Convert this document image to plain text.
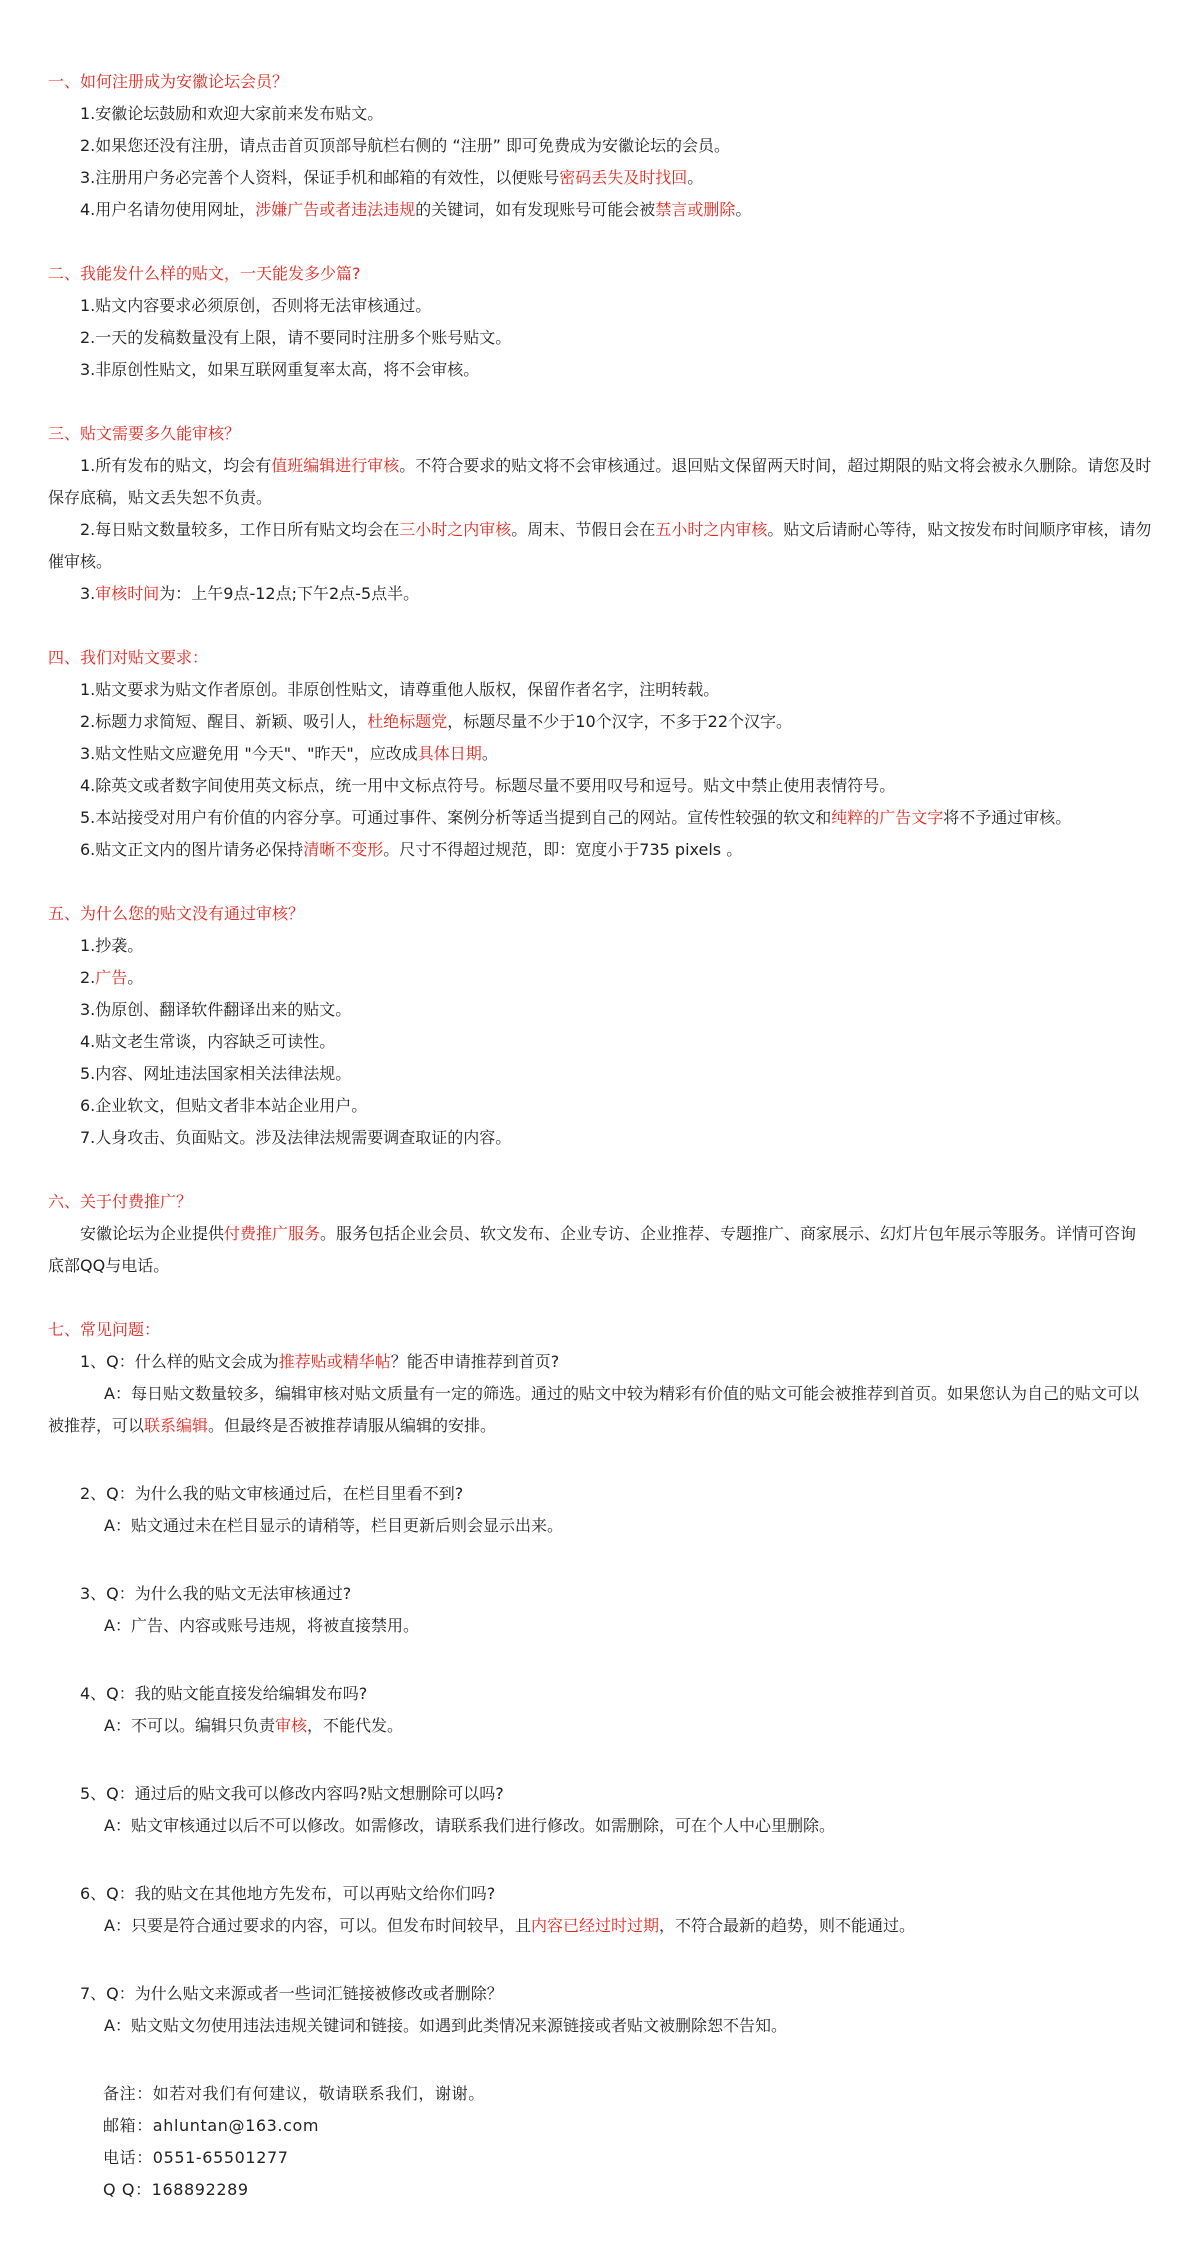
一、如何注册成为安徽论坛会员？

1.安徽论坛鼓励和欢迎大家前来发布贴文。

2.如果您还没有注册，请点击首页顶部导航栏右侧的 “注册” 即可免费成为安徽论坛的会员。

3.注册用户务必完善个人资料，保证手机和邮箱的有效性，以便账号密码丢失及时找回。

4.用户名请勿使用网址，涉嫌广告或者违法违规的关键词，如有发现账号可能会被禁言或删除。

二、我能发什么样的贴文，一天能发多少篇?

1.贴文内容要求必须原创，否则将无法审核通过。

2.一天的发稿数量没有上限，请不要同时注册多个账号贴文。

3.非原创性贴文，如果互联网重复率太高，将不会审核。

三、贴文需要多久能审核？

1.所有发布的贴文，均会有值班编辑进行审核。不符合要求的贴文将不会审核通过。退回贴文保留两天时间，超过期限的贴文将会被永久删除。请您及时保存底稿，贴文丢失恕不负责。

2.每日贴文数量较多，工作日所有贴文均会在三小时之内审核。周末、节假日会在五小时之内审核。贴文后请耐心等待，贴文按发布时间顺序审核，请勿催审核。

3.审核时间为：上午9点-12点;下午2点-5点半。

四、我们对贴文要求：

1.贴文要求为贴文作者原创。非原创性贴文，请尊重他人版权，保留作者名字，注明转载。

2.标题力求简短、醒目、新颖、吸引人，杜绝标题党，标题尽量不少于10个汉字，不多于22个汉字。

3.贴文性贴文应避免用 "今天"、"昨天"，应改成具体日期。

4.除英文或者数字间使用英文标点，统一用中文标点符号。标题尽量不要用叹号和逗号。贴文中禁止使用表情符号。

5.本站接受对用户有价值的内容分享。可通过事件、案例分析等适当提到自己的网站。宣传性较强的软文和纯粹的广告文字将不予通过审核。

6.贴文正文内的图片请务必保持清晰不变形。尺寸不得超过规范，即：宽度小于735 pixels 。

五、为什么您的贴文没有通过审核？

1.抄袭。

2.广告。

3.伪原创、翻译软件翻译出来的贴文。

4.贴文老生常谈，内容缺乏可读性。

5.内容、网址违法国家相关法律法规。

6.企业软文，但贴文者非本站企业用户。

7.人身攻击、负面贴文。涉及法律法规需要调查取证的内容。

六、关于付费推广？

安徽论坛为企业提供付费推广服务。服务包括企业会员、软文发布、企业专访、企业推荐、专题推广、商家展示、幻灯片包年展示等服务。详情可咨询底部QQ与电话。

七、常见问题：

1、Q：什么样的贴文会成为推荐贴或精华帖？能否申请推荐到首页?

A：每日贴文数量较多，编辑审核对贴文质量有一定的筛选。通过的贴文中较为精彩有价值的贴文可能会被推荐到首页。如果您认为自己的贴文可以被推荐，可以联系编辑。但最终是否被推荐请服从编辑的安排。

2、Q：为什么我的贴文审核通过后，在栏目里看不到?

A：贴文通过未在栏目显示的请稍等，栏目更新后则会显示出来。

3、Q：为什么我的贴文无法审核通过?

A：广告、内容或账号违规，将被直接禁用。

4、Q：我的贴文能直接发给编辑发布吗?

A：不可以。编辑只负责审核，不能代发。

5、Q：通过后的贴文我可以修改内容吗?贴文想删除可以吗?

A：贴文审核通过以后不可以修改。如需修改，请联系我们进行修改。如需删除，可在个人中心里删除。

6、Q：我的贴文在其他地方先发布，可以再贴文给你们吗?

A：只要是符合通过要求的内容，可以。但发布时间较早，且内容已经过时过期，不符合最新的趋势，则不能通过。

7、Q：为什么贴文来源或者一些词汇链接被修改或者删除？

A：贴文贴文勿使用违法违规关键词和链接。如遇到此类情况来源链接或者贴文被删除恕不告知。

备注：如若对我们有何建议，敬请联系我们，谢谢。

邮箱：ahluntan@163.com

电话：0551-65501277

Q Q：168892289
